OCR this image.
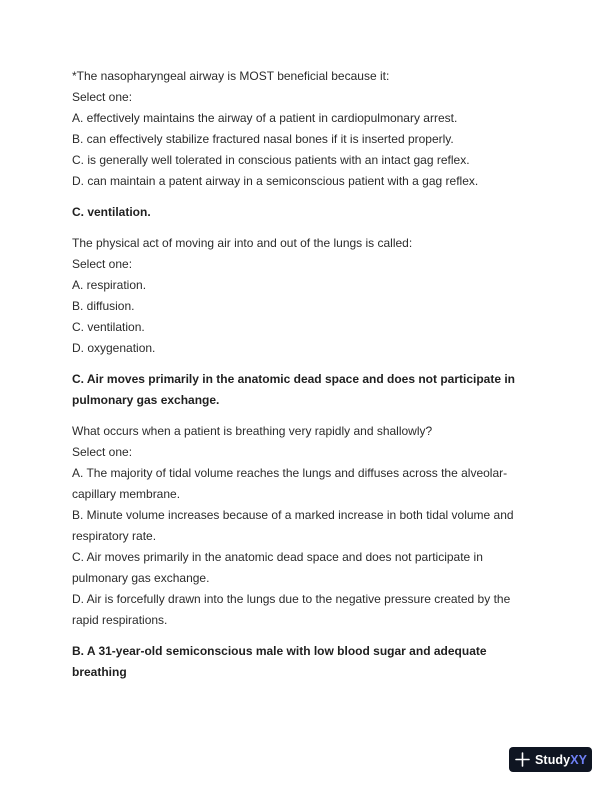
*The nasopharyngeal airway is MOST beneficial because it:
Select one:
A. effectively maintains the airway of a patient in cardiopulmonary arrest.
B. can effectively stabilize fractured nasal bones if it is inserted properly.
C. is generally well tolerated in conscious patients with an intact gag reflex.
D. can maintain a patent airway in a semiconscious patient with a gag reflex.
C. ventilation.
The physical act of moving air into and out of the lungs is called:
Select one:
A. respiration.
B. diffusion.
C. ventilation.
D. oxygenation.
C. Air moves primarily in the anatomic dead space and does not participate in
pulmonary gas exchange.
What occurs when a patient is breathing very rapidly and shallowly?
Select one:
A. The majority of tidal volume reaches the lungs and diffuses across the alveolar-
capillary membrane.
B. Minute volume increases because of a marked increase in both tidal volume and
respiratory rate.
C. Air moves primarily in the anatomic dead space and does not participate in
pulmonary gas exchange.
D. Air is forcefully drawn into the lungs due to the negative pressure created by the
rapid respirations.
B. A 31-year-old semiconscious male with low blood sugar and adequate
breathing
StudyXY
